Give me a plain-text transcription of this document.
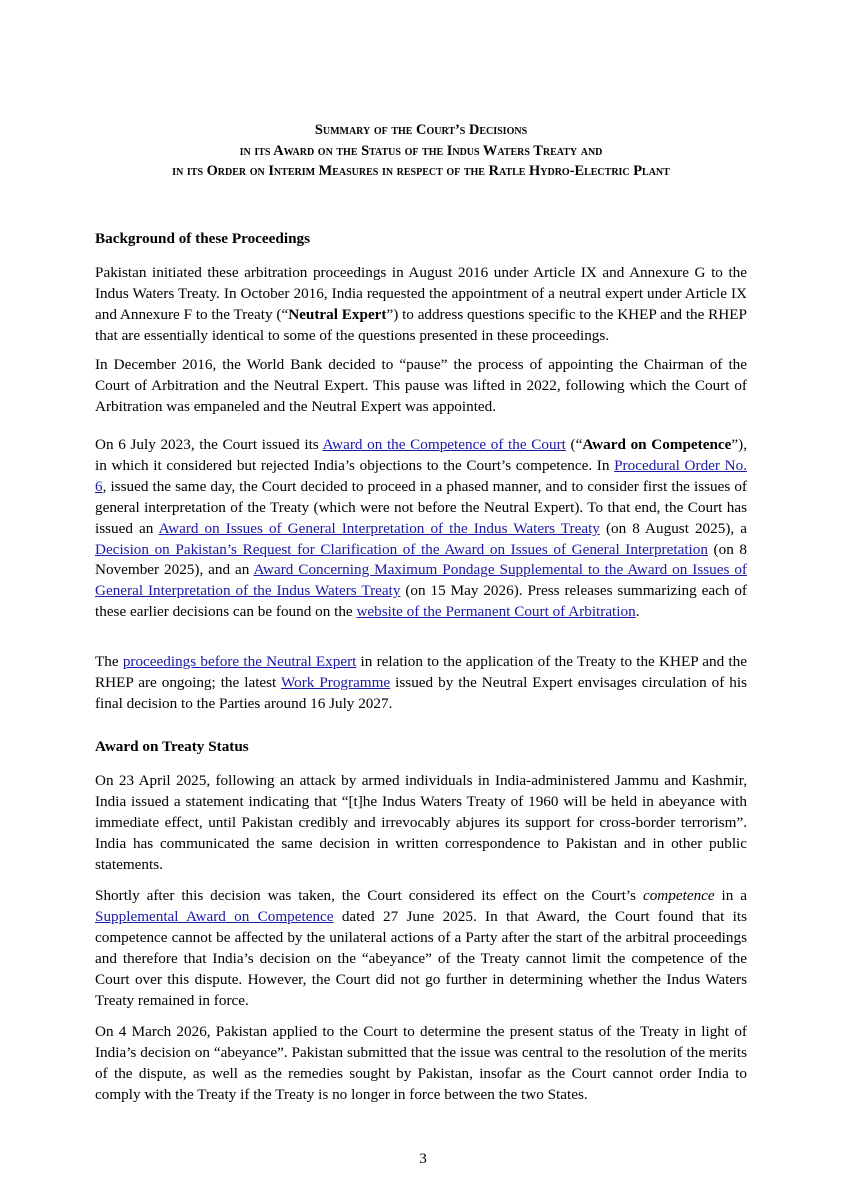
Summary of the Court’s Decisions
in its Award on the Status of the Indus Waters Treaty and
in its Order on Interim Measures in respect of the Ratle Hydro-Electric Plant
Background of these Proceedings

Pakistan initiated these arbitration proceedings in August 2016 under Article IX and Annexure G to the Indus Waters Treaty. In October 2016, India requested the appointment of a neutral expert under Article IX and Annexure F to the Treaty (“Neutral Expert”) to address questions specific to the KHEP and the RHEP that are essentially identical to some of the questions presented in these proceedings.

In December 2016, the World Bank decided to “pause” the process of appointing the Chairman of the Court of Arbitration and the Neutral Expert. This pause was lifted in 2022, following which the Court of Arbitration was empaneled and the Neutral Expert was appointed.

On 6 July 2023, the Court issued its Award on the Competence of the Court (“Award on Competence”), in which it considered but rejected India’s objections to the Court’s competence. In Procedural Order No. 6, issued the same day, the Court decided to proceed in a phased manner, and to consider first the issues of general interpretation of the Treaty (which were not before the Neutral Expert). To that end, the Court has issued an Award on Issues of General Interpretation of the Indus Waters Treaty (on 8 August 2025), a Decision on Pakistan’s Request for Clarification of the Award on Issues of General Interpretation (on 8 November 2025), and an Award Concerning Maximum Pondage Supplemental to the Award on Issues of General Interpretation of the Indus Waters Treaty (on 15 May 2026). Press releases summarizing each of these earlier decisions can be found on the website of the Permanent Court of Arbitration.

The proceedings before the Neutral Expert in relation to the application of the Treaty to the KHEP and the RHEP are ongoing; the latest Work Programme issued by the Neutral Expert envisages circulation of his final decision to the Parties around 16 July 2027.

Award on Treaty Status

On 23 April 2025, following an attack by armed individuals in India-administered Jammu and Kashmir, India issued a statement indicating that “[t]he Indus Waters Treaty of 1960 will be held in abeyance with immediate effect, until Pakistan credibly and irrevocably abjures its support for cross-border terrorism”. India has communicated the same decision in written correspondence to Pakistan and in other public statements.

Shortly after this decision was taken, the Court considered its effect on the Court’s competence in a Supplemental Award on Competence dated 27 June 2025. In that Award, the Court found that its competence cannot be affected by the unilateral actions of a Party after the start of the arbitral proceedings and therefore that India’s decision on the “abeyance” of the Treaty cannot limit the competence of the Court over this dispute. However, the Court did not go further in determining whether the Indus Waters Treaty remained in force.

On 4 March 2026, Pakistan applied to the Court to determine the present status of the Treaty in light of India’s decision on “abeyance”. Pakistan submitted that the issue was central to the resolution of the merits of the dispute, as well as the remedies sought by Pakistan, insofar as the Court cannot order India to comply with the Treaty if the Treaty is no longer in force between the two States.

3
